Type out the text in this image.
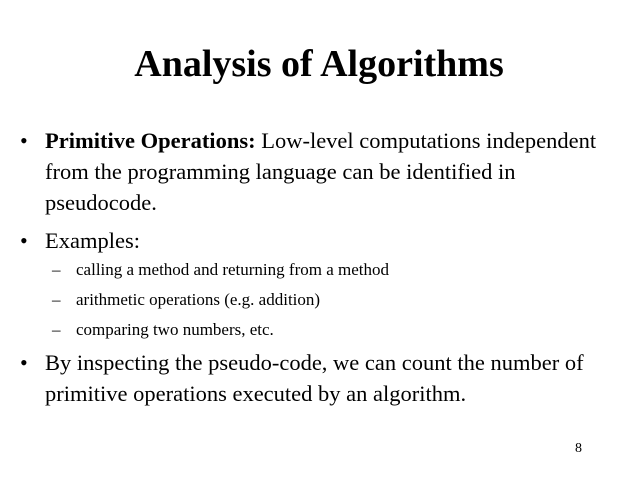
Analysis of Algorithms
• Primitive Operations: Low-level computations independent from the programming language can be identified in pseudocode.
• Examples:
– calling a method and returning from a method
– arithmetic operations (e.g. addition)
– comparing two numbers, etc.
• By inspecting the pseudo-code, we can count the number of primitive operations executed by an algorithm.
8
